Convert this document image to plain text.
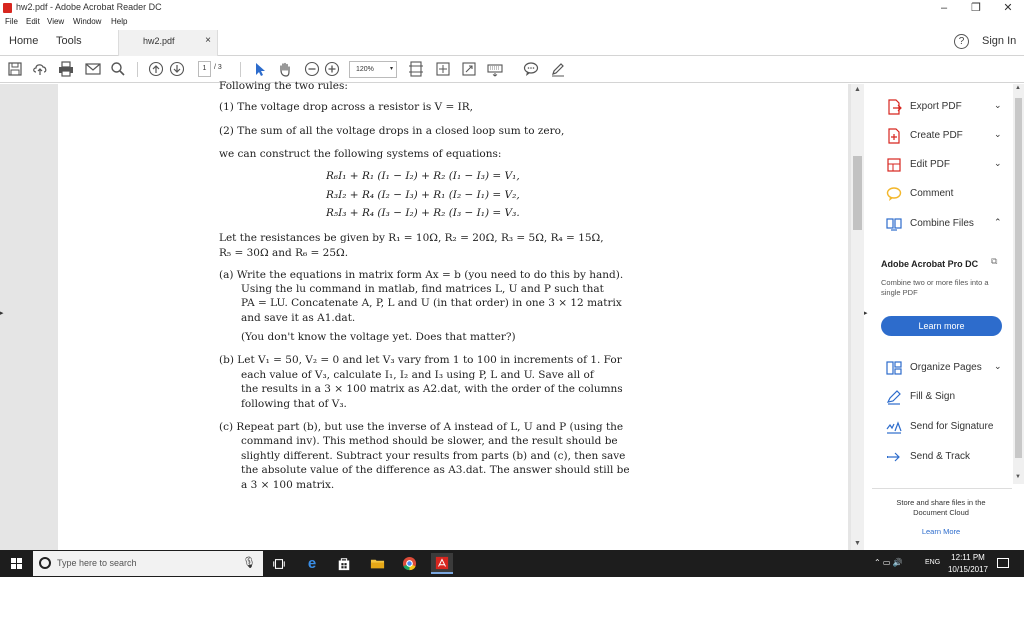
hw2.pdf - Adobe Acrobat Reader DC	–	❐	✕
File Edit View Window Help
Home Tools	hw2.pdf	×	?	Sign In
1	/ 3	120%	▾
▸
Following the two rules:
(1) The voltage drop across a resistor is V = IR,
(2) The sum of all the voltage drops in a closed loop sum to zero,
we can construct the following systems of equations:
R₆I₁ + R₁ (I₁ − I₂) + R₂ (I₁ − I₃) = V₁,
R₃I₂ + R₄ (I₂ − I₃) + R₁ (I₂ − I₁) = V₂,
R₅I₃ + R₄ (I₃ − I₂) + R₂ (I₃ − I₁) = V₃.
Let the resistances be given by R₁ = 10Ω, R₂ = 20Ω, R₃ = 5Ω, R₄ = 15Ω,
R₅ = 30Ω and R₆ = 25Ω.
(a) Write the equations in matrix form Ax = b (you need to do this by hand).
Using the lu command in matlab, find matrices L, U and P such that
PA = LU. Concatenate A, P, L and U (in that order) in one 3 × 12 matrix
and save it as A1.dat.
(You don't know the voltage yet. Does that matter?)
(b) Let V₁ = 50, V₂ = 0 and let V₃ vary from 1 to 100 in increments of 1. For
each value of V₃, calculate I₁, I₂ and I₃ using P, L and U. Save all of
the results in a 3 × 100 matrix as A2.dat, with the order of the columns
following that of V₃.
(c) Repeat part (b), but use the inverse of A instead of L, U and P (using the
command inv). This method should be slower, and the result should be
slightly different. Subtract your results from parts (b) and (c), then save
the absolute value of the difference as A3.dat. The answer should still be
a 3 × 100 matrix.
▲
▼
▸
Export PDF	⌄
Create PDF	⌄
Edit PDF	⌄
Comment
Combine Files ⌃
Adobe Acrobat Pro DC ⧉
Combine two or more files into a single PDF
Learn more
Organize Pages ⌄
Fill & Sign
Send for Signature
Send & Track
Store and share files in the Document Cloud
Learn More
▲
▼
Type here to search	🎙	e	⌃ ▭ 🔊	ENG
12:11 PM
10/15/2017
